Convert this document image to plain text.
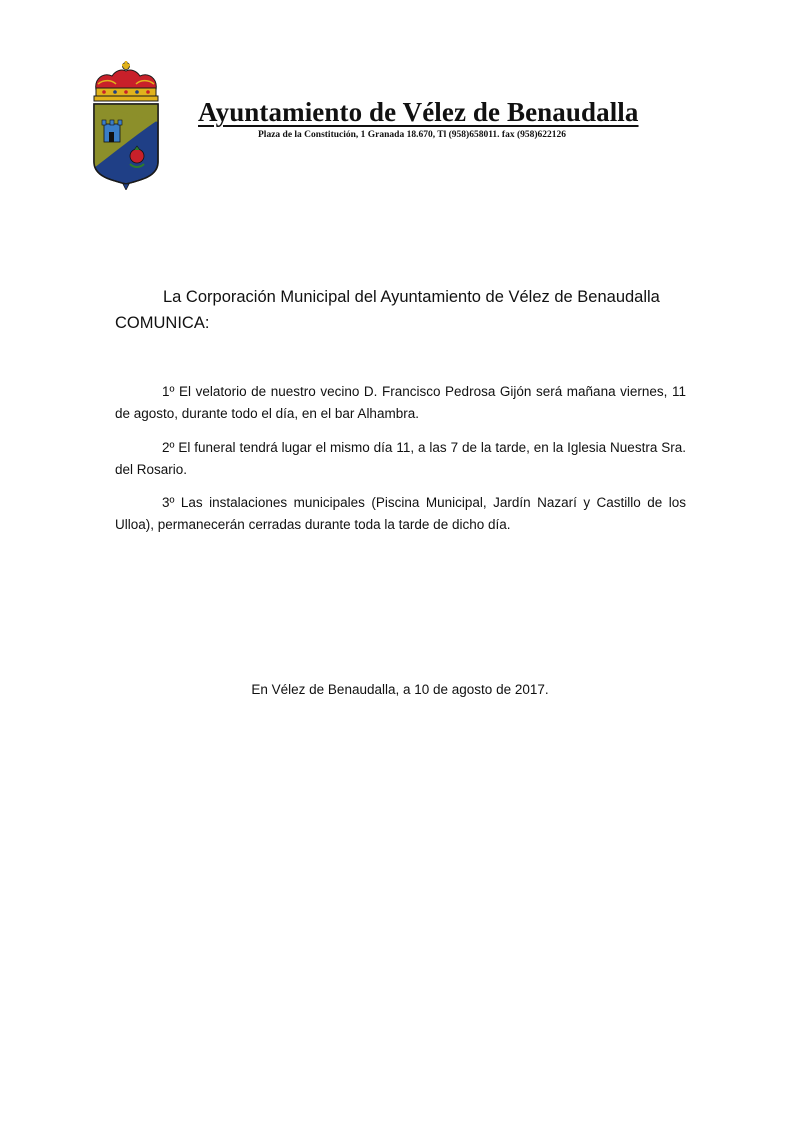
Ayuntamiento de Vélez de Benaudalla
Plaza de la Constitución, 1 Granada 18.670, Tl (958)658011. fax (958)622126
La Corporación Municipal del Ayuntamiento de Vélez de Benaudalla
COMUNICA:
1º El velatorio de nuestro vecino D. Francisco Pedrosa Gijón será mañana viernes, 11 de agosto, durante todo el día, en el bar Alhambra.
2º El funeral tendrá lugar el mismo día 11, a las 7 de la tarde, en la Iglesia Nuestra Sra. del Rosario.
3º Las instalaciones municipales (Piscina Municipal, Jardín Nazarí y Castillo de los Ulloa), permanecerán cerradas durante toda la tarde de dicho día.
En Vélez de Benaudalla, a 10 de agosto de 2017.
